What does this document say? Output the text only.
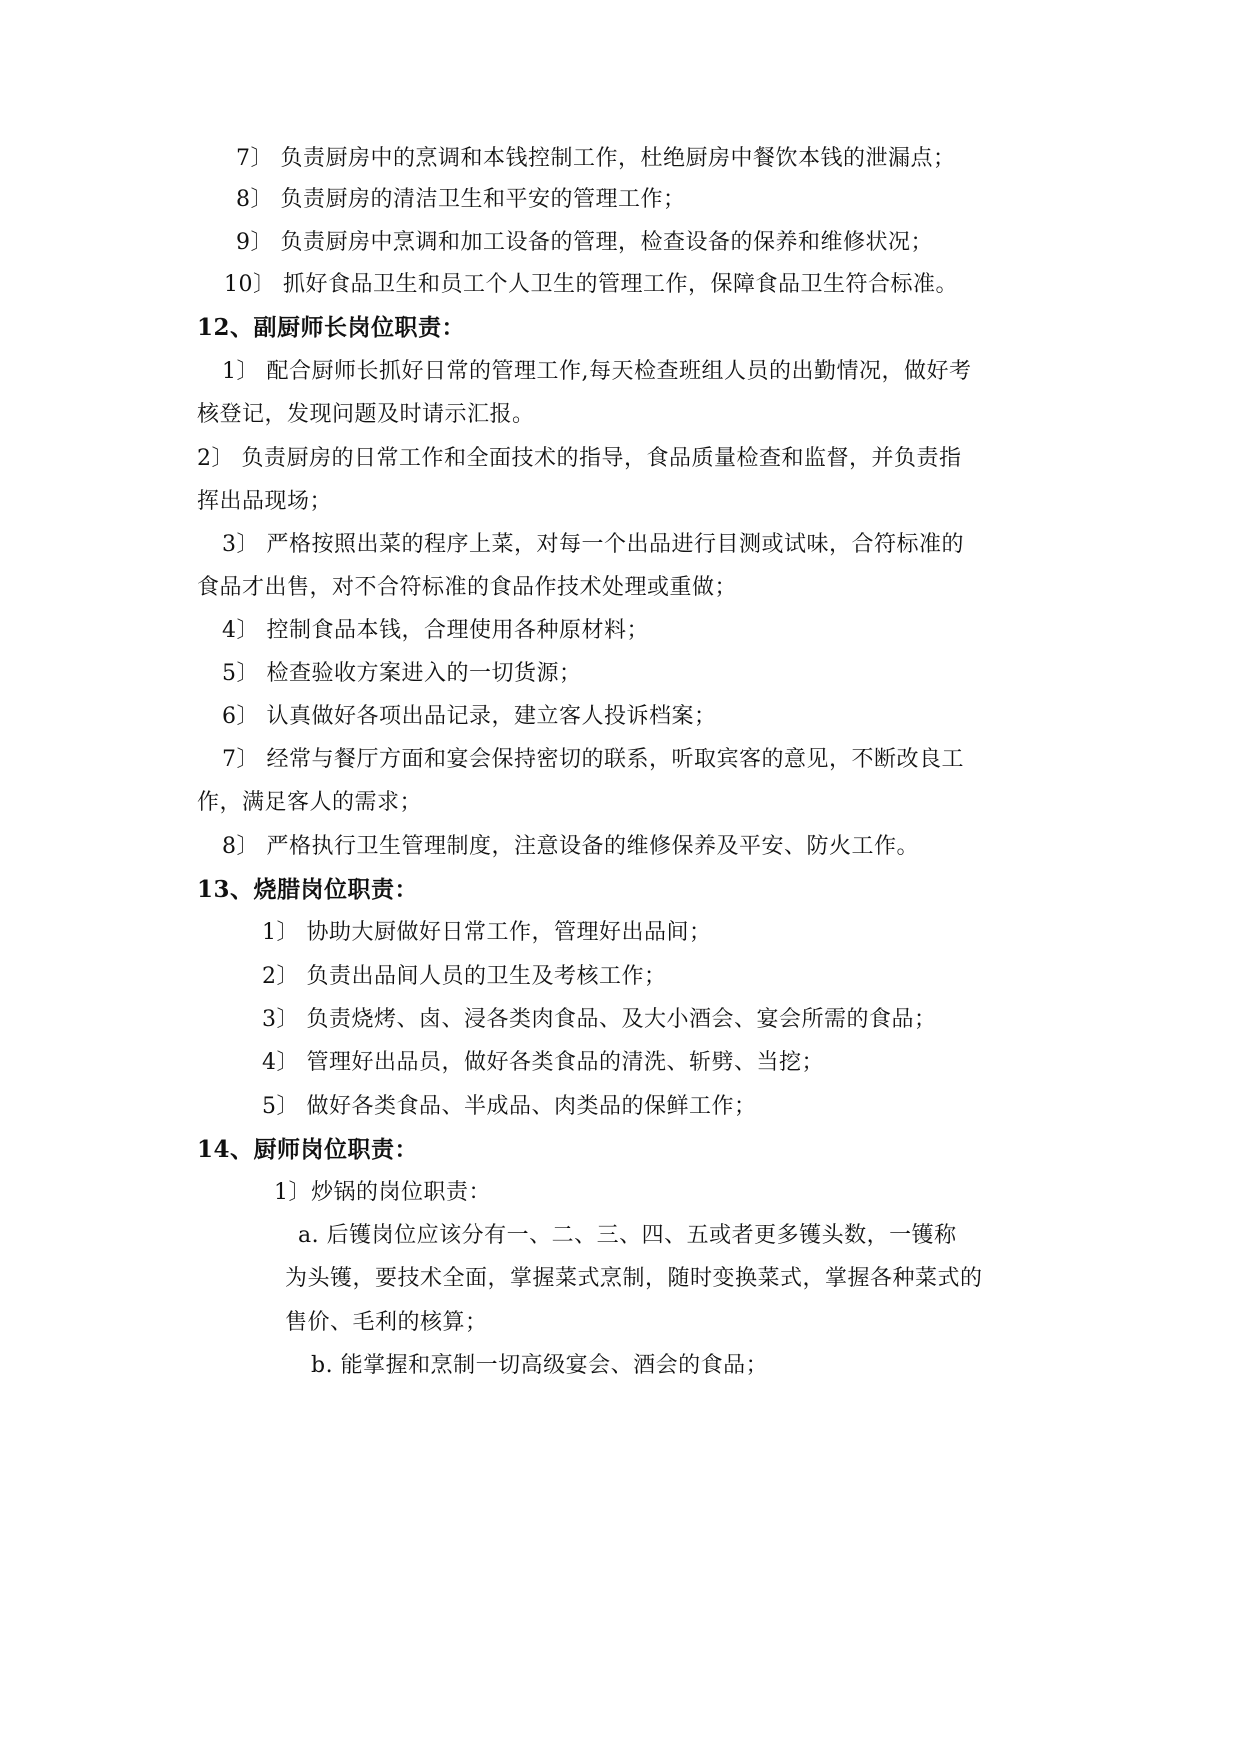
7〕 负责厨房中的烹调和本钱控制工作，杜绝厨房中餐饮本钱的泄漏点；
8〕 负责厨房的清洁卫生和平安的管理工作；
9〕 负责厨房中烹调和加工设备的管理，检查设备的保养和维修状况；
10〕 抓好食品卫生和员工个人卫生的管理工作，保障食品卫生符合标准。
12、副厨师长岗位职责：
1〕 配合厨师长抓好日常的管理工作,每天检查班组人员的出勤情况，做好考
核登记，发现问题及时请示汇报。
2〕 负责厨房的日常工作和全面技术的指导，食品质量检查和监督，并负责指
挥出品现场；
3〕 严格按照出菜的程序上菜，对每一个出品进行目测或试味，合符标准的
食品才出售，对不合符标准的食品作技术处理或重做；
4〕 控制食品本钱，合理使用各种原材料；
5〕 检查验收方案进入的一切货源；
6〕 认真做好各项出品记录，建立客人投诉档案；
7〕 经常与餐厅方面和宴会保持密切的联系，听取宾客的意见，不断改良工
作，满足客人的需求；
8〕 严格执行卫生管理制度，注意设备的维修保养及平安、防火工作。
13、烧腊岗位职责：
1〕 协助大厨做好日常工作，管理好出品间；
2〕 负责出品间人员的卫生及考核工作；
3〕 负责烧烤、卤、浸各类肉食品、及大小酒会、宴会所需的食品；
4〕 管理好出品员，做好各类食品的清洗、斩劈、当挖；
5〕 做好各类食品、半成品、肉类品的保鲜工作；
14、厨师岗位职责：
1〕炒锅的岗位职责：
a. 后镬岗位应该分有一、二、三、四、五或者更多镬头数，一镬称
为头镬，要技术全面，掌握菜式烹制，随时变换菜式，掌握各种菜式的
售价、毛利的核算；
b. 能掌握和烹制一切高级宴会、酒会的食品；
